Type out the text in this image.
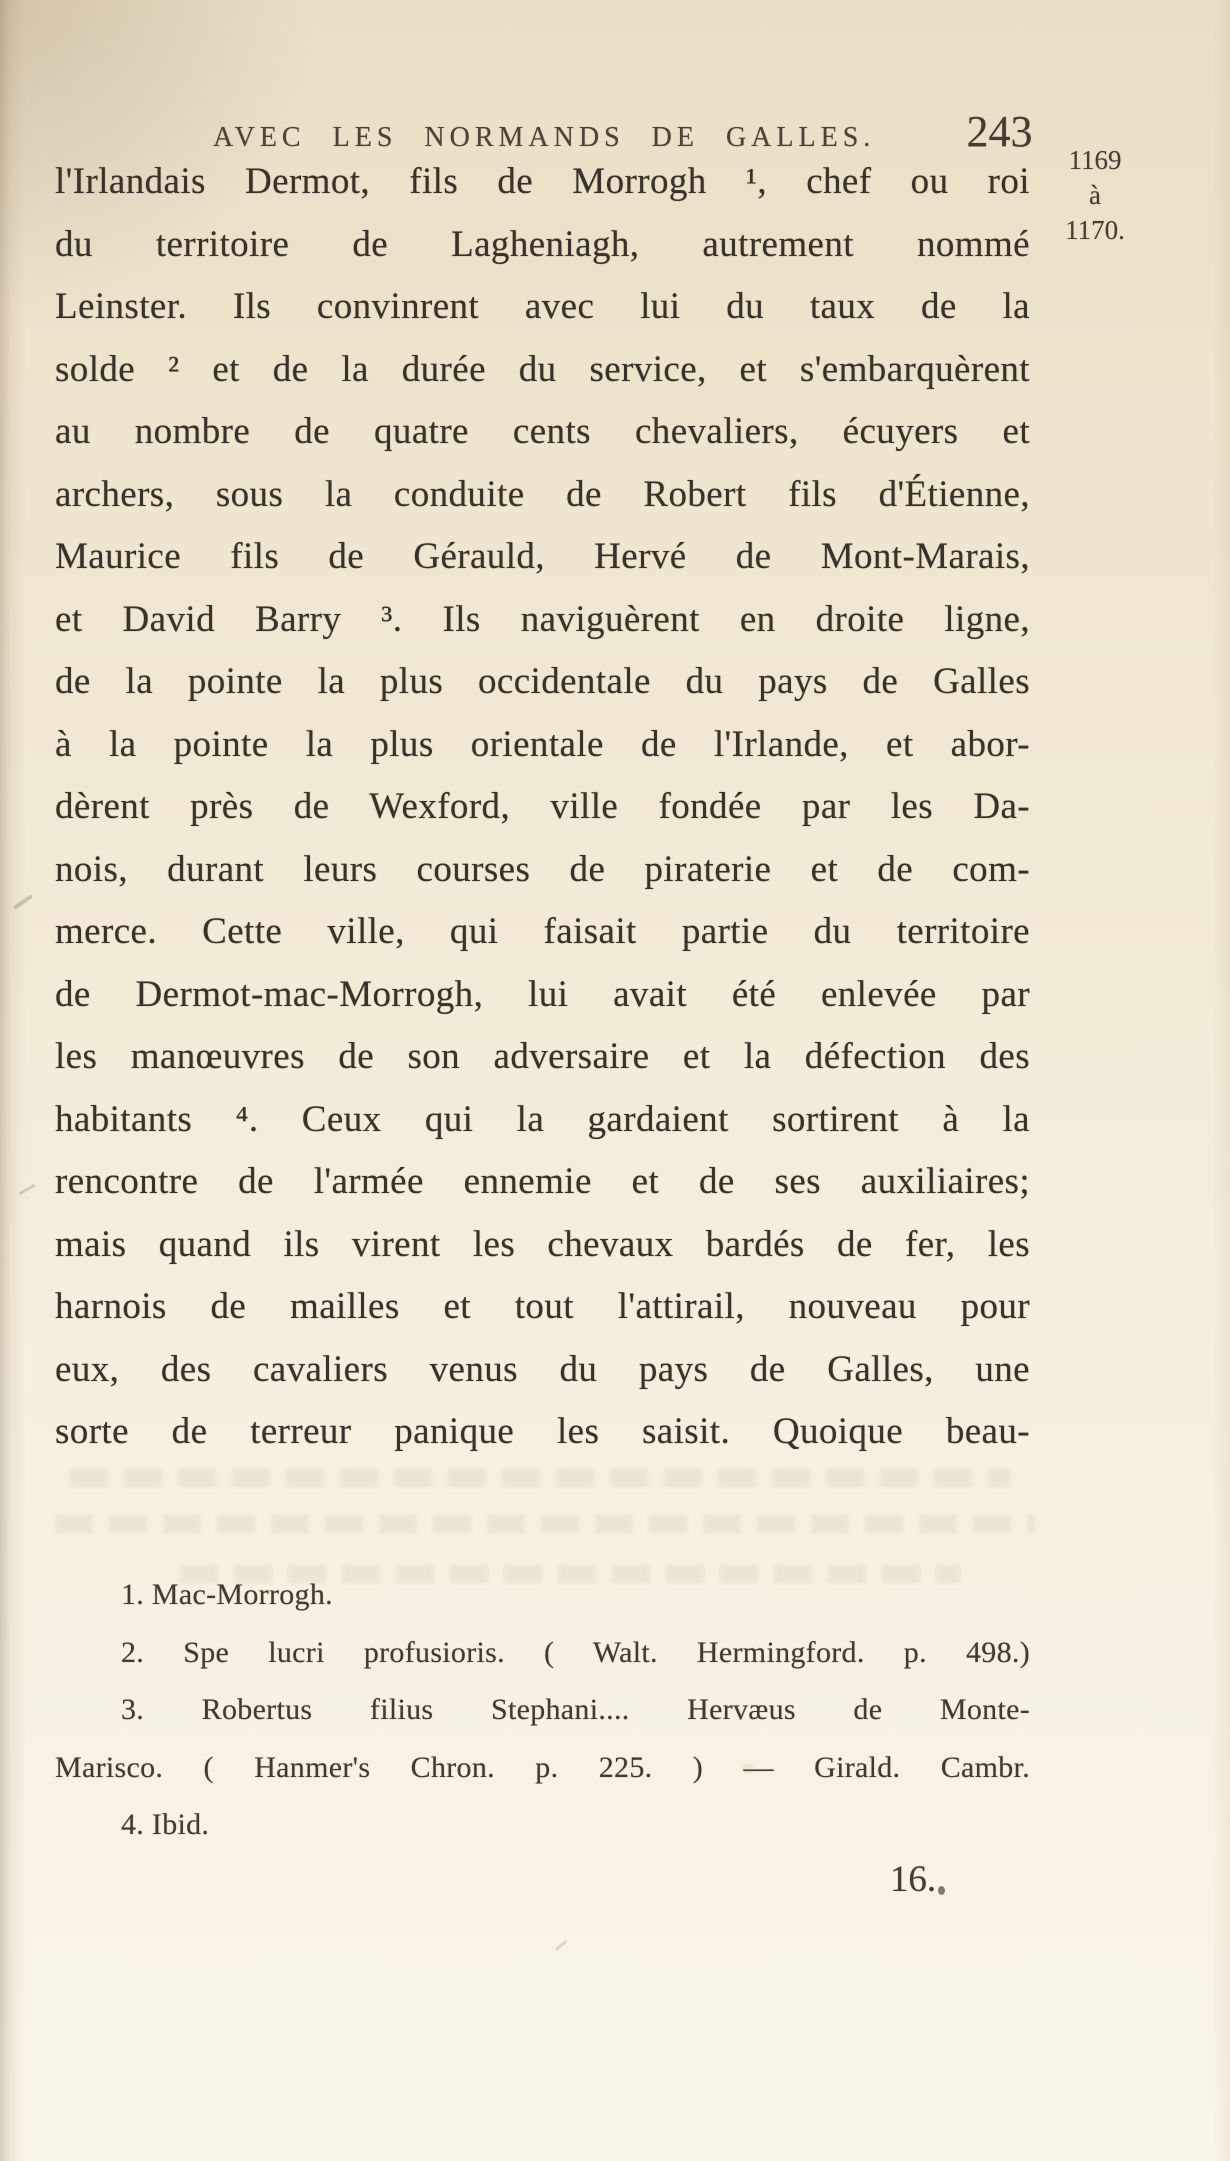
AVEC LES NORMANDS DE GALLES.	243
1169
à
1170.
l'Irlandais Dermot, fils de Morrogh ¹, chef ou roi
du territoire de Lagheniagh, autrement nommé
Leinster. Ils convinrent avec lui du taux de la
solde ² et de la durée du service, et s'embarquèrent
au nombre de quatre cents chevaliers, écuyers et
archers, sous la conduite de Robert fils d'Étienne,
Maurice fils de Gérauld, Hervé de Mont-Marais,
et David Barry ³. Ils naviguèrent en droite ligne,
de la pointe la plus occidentale du pays de Galles
à la pointe la plus orientale de l'Irlande, et abor-
dèrent près de Wexford, ville fondée par les Da-
nois, durant leurs courses de piraterie et de com-
merce. Cette ville, qui faisait partie du territoire
de Dermot-mac-Morrogh, lui avait été enlevée par
les manœuvres de son adversaire et la défection des
habitants ⁴. Ceux qui la gardaient sortirent à la
rencontre de l'armée ennemie et de ses auxiliaires;
mais quand ils virent les chevaux bardés de fer, les
harnois de mailles et tout l'attirail, nouveau pour
eux, des cavaliers venus du pays de Galles, une
sorte de terreur panique les saisit. Quoique beau-
1. Mac-Morrogh.
2. Spe lucri profusioris. ( Walt. Hermingford. p. 498.)
3. Robertus filius Stephani.... Hervæus de Monte-
Marisco. ( Hanmer's Chron. p. 225. ) — Girald. Cambr.
4. Ibid.
16.
